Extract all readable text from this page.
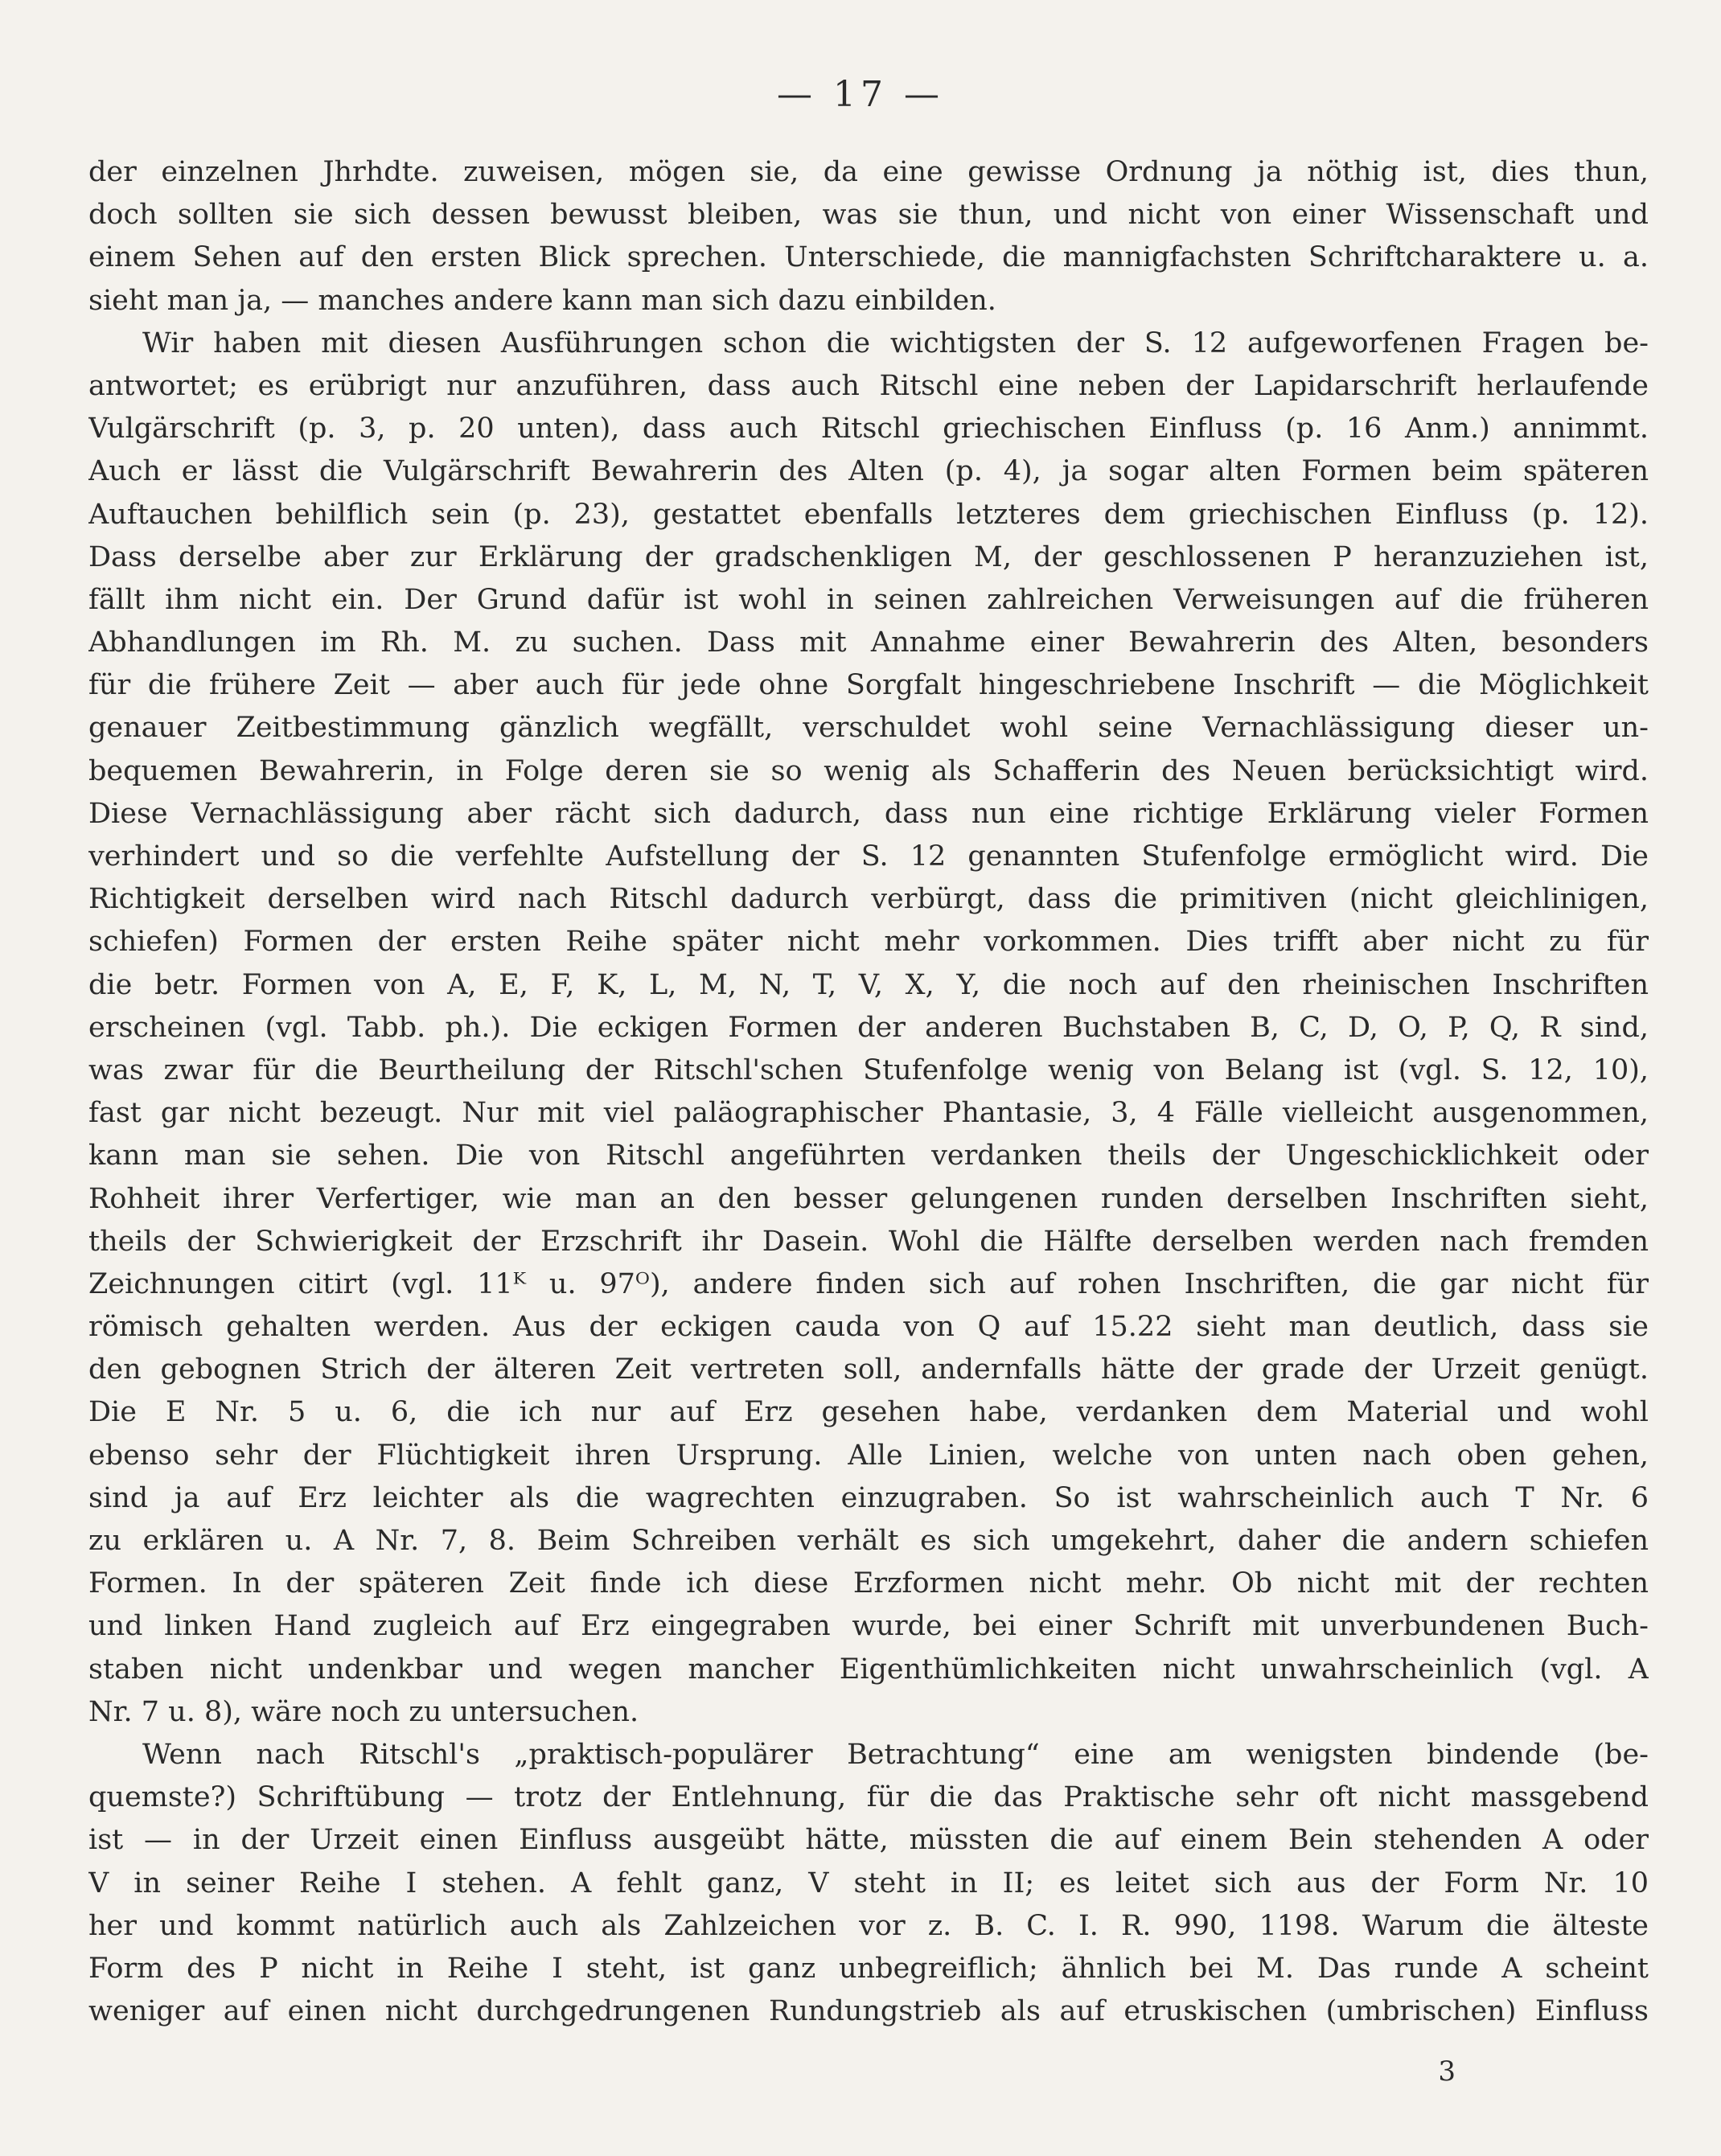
— 17 —
der einzelnen Jhrhdte. zuweisen, mögen sie, da eine gewisse Ordnung ja nöthig ist, dies thun,
doch sollten sie sich dessen bewusst bleiben, was sie thun, und nicht von einer Wissenschaft und
einem Sehen auf den ersten Blick sprechen. Unterschiede, die mannigfachsten Schriftcharaktere u. a.
sieht man ja, — manches andere kann man sich dazu einbilden.
Wir haben mit diesen Ausführungen schon die wichtigsten der S. 12 aufgeworfenen Fragen be-
antwortet; es erübrigt nur anzuführen, dass auch Ritschl eine neben der Lapidarschrift herlaufende
Vulgärschrift (p. 3, p. 20 unten), dass auch Ritschl griechischen Einfluss (p. 16 Anm.) annimmt.
Auch er lässt die Vulgärschrift Bewahrerin des Alten (p. 4), ja sogar alten Formen beim späteren
Auftauchen behilflich sein (p. 23), gestattet ebenfalls letzteres dem griechischen Einfluss (p. 12).
Dass derselbe aber zur Erklärung der gradschenkligen M, der geschlossenen P heranzuziehen ist,
fällt ihm nicht ein. Der Grund dafür ist wohl in seinen zahlreichen Verweisungen auf die früheren
Abhandlungen im Rh. M. zu suchen. Dass mit Annahme einer Bewahrerin des Alten, besonders
für die frühere Zeit — aber auch für jede ohne Sorgfalt hingeschriebene Inschrift — die Möglichkeit
genauer Zeitbestimmung gänzlich wegfällt, verschuldet wohl seine Vernachlässigung dieser un-
bequemen Bewahrerin, in Folge deren sie so wenig als Schafferin des Neuen berücksichtigt wird.
Diese Vernachlässigung aber rächt sich dadurch, dass nun eine richtige Erklärung vieler Formen
verhindert und so die verfehlte Aufstellung der S. 12 genannten Stufenfolge ermöglicht wird. Die
Richtigkeit derselben wird nach Ritschl dadurch verbürgt, dass die primitiven (nicht gleichlinigen,
schiefen) Formen der ersten Reihe später nicht mehr vorkommen. Dies trifft aber nicht zu für
die betr. Formen von A, E, F, K, L, M, N, T, V, X, Y, die noch auf den rheinischen Inschriften
erscheinen (vgl. Tabb. ph.). Die eckigen Formen der anderen Buchstaben B, C, D, O, P, Q, R sind,
was zwar für die Beurtheilung der Ritschl'schen Stufenfolge wenig von Belang ist (vgl. S. 12, 10),
fast gar nicht bezeugt. Nur mit viel paläographischer Phantasie, 3, 4 Fälle vielleicht ausgenommen,
kann man sie sehen. Die von Ritschl angeführten verdanken theils der Ungeschicklichkeit oder
Rohheit ihrer Verfertiger, wie man an den besser gelungenen runden derselben Inschriften sieht,
theils der Schwierigkeit der Erzschrift ihr Dasein. Wohl die Hälfte derselben werden nach fremden
Zeichnungen citirt (vgl. 11ᴷ u. 97ᴼ), andere finden sich auf rohen Inschriften, die gar nicht für
römisch gehalten werden. Aus der eckigen cauda von Q auf 15.22 sieht man deutlich, dass sie
den gebognen Strich der älteren Zeit vertreten soll, andernfalls hätte der grade der Urzeit genügt.
Die E Nr. 5 u. 6, die ich nur auf Erz gesehen habe, verdanken dem Material und wohl
ebenso sehr der Flüchtigkeit ihren Ursprung. Alle Linien, welche von unten nach oben gehen,
sind ja auf Erz leichter als die wagrechten einzugraben. So ist wahrscheinlich auch T Nr. 6
zu erklären u. A Nr. 7, 8. Beim Schreiben verhält es sich umgekehrt, daher die andern schiefen
Formen. In der späteren Zeit finde ich diese Erzformen nicht mehr. Ob nicht mit der rechten
und linken Hand zugleich auf Erz eingegraben wurde, bei einer Schrift mit unverbundenen Buch-
staben nicht undenkbar und wegen mancher Eigenthümlichkeiten nicht unwahrscheinlich (vgl. A
Nr. 7 u. 8), wäre noch zu untersuchen.
Wenn nach Ritschl's „praktisch-populärer Betrachtung“ eine am wenigsten bindende (be-
quemste?) Schriftübung — trotz der Entlehnung, für die das Praktische sehr oft nicht massgebend
ist — in der Urzeit einen Einfluss ausgeübt hätte, müssten die auf einem Bein stehenden A oder
V in seiner Reihe I stehen. A fehlt ganz, V steht in II; es leitet sich aus der Form Nr. 10
her und kommt natürlich auch als Zahlzeichen vor z. B. C. I. R. 990, 1198. Warum die älteste
Form des P nicht in Reihe I steht, ist ganz unbegreiflich; ähnlich bei M. Das runde A scheint
weniger auf einen nicht durchgedrungenen Rundungstrieb als auf etruskischen (umbrischen) Einfluss
3
